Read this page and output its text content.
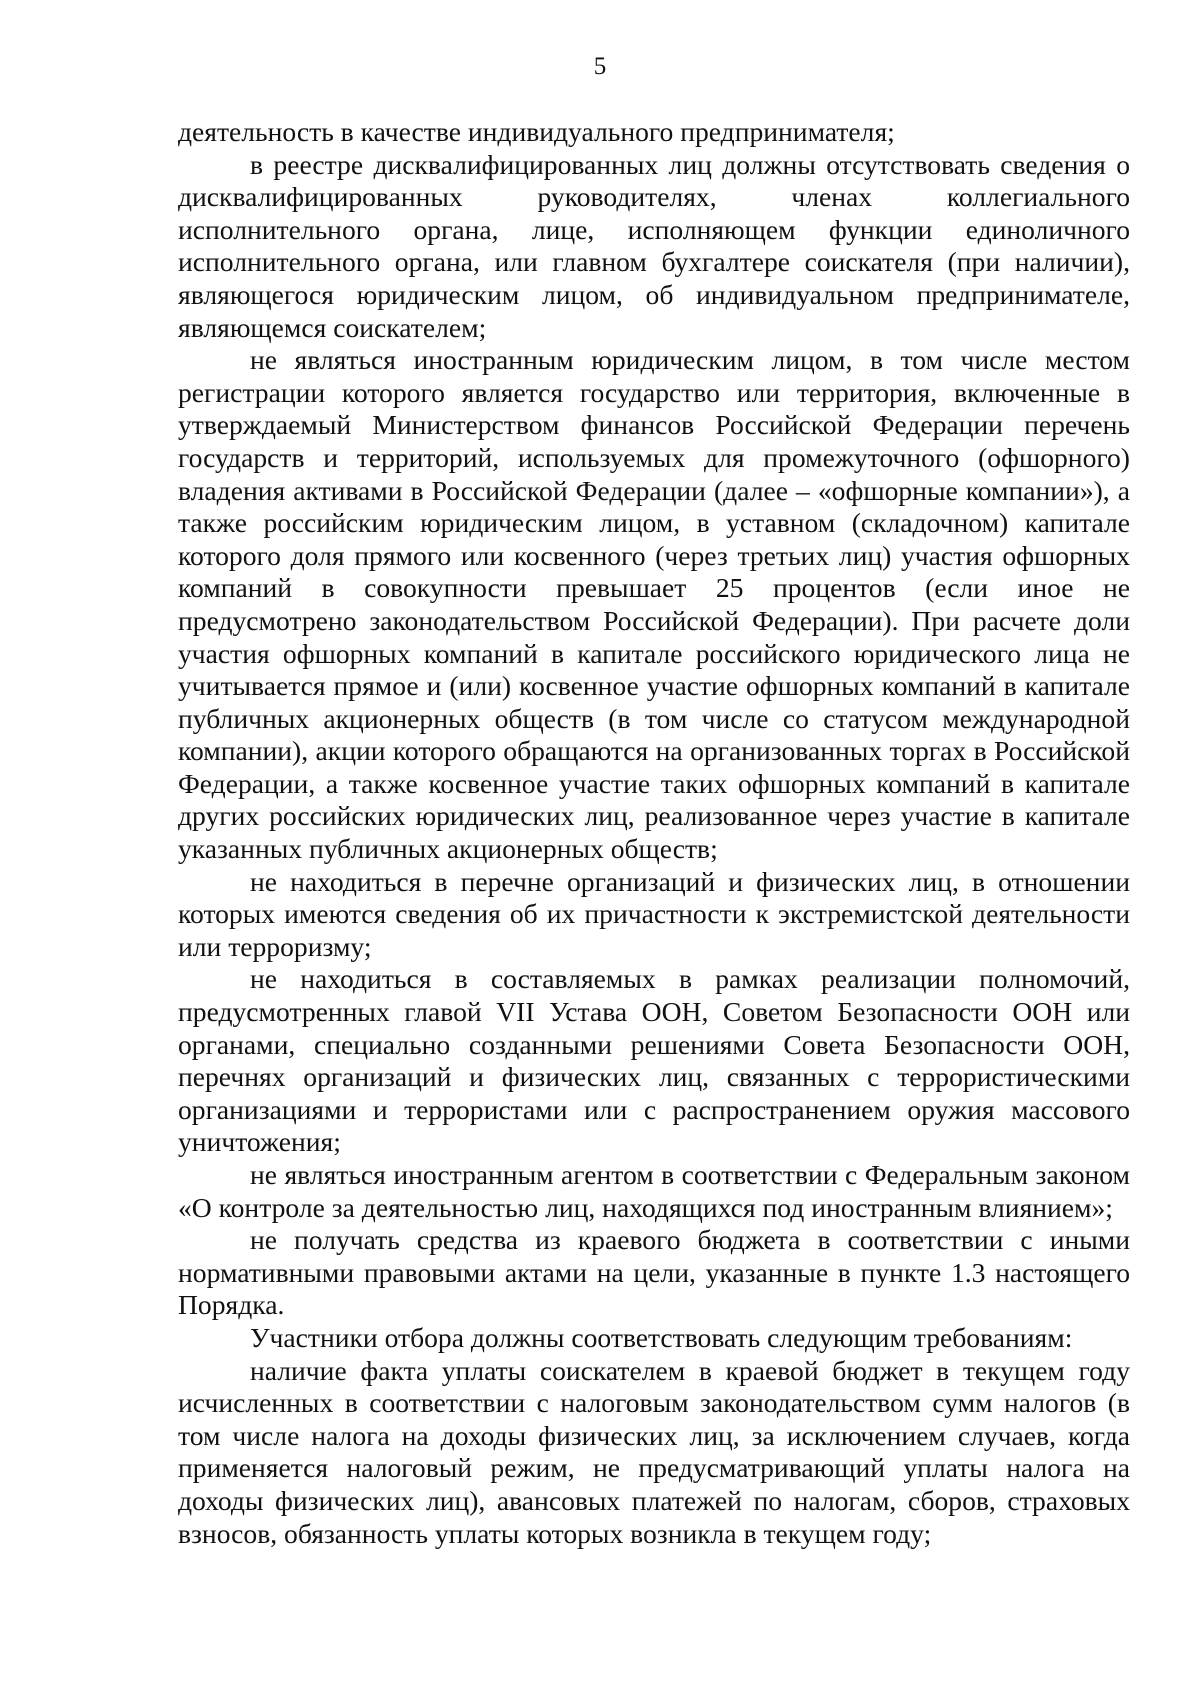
5

деятельность в качестве индивидуального предпринимателя;

в реестре дисквалифицированных лиц должны отсутствовать сведения о дисквалифицированных руководителях, членах коллегиального исполнительного органа, лице, исполняющем функции единоличного исполнительного органа, или главном бухгалтере соискателя (при наличии), являющегося юридическим лицом, об индивидуальном предпринимателе, являющемся соискателем;

не являться иностранным юридическим лицом, в том числе местом регистрации которого является государство или территория, включенные в утверждаемый Министерством финансов Российской Федерации перечень государств и территорий, используемых для промежуточного (офшорного) владения активами в Российской Федерации (далее – «офшорные компании»), а также российским юридическим лицом, в уставном (складочном) капитале которого доля прямого или косвенного (через третьих лиц) участия офшорных компаний в совокупности превышает 25 процентов (если иное не предусмотрено законодательством Российской Федерации). При расчете доли участия офшорных компаний в капитале российского юридического лица не учитывается прямое и (или) косвенное участие офшорных компаний в капитале публичных акционерных обществ (в том числе со статусом международной компании), акции которого обращаются на организованных торгах в Российской Федерации, а также косвенное участие таких офшорных компаний в капитале других российских юридических лиц, реализованное через участие в капитале указанных публичных акционерных обществ;

не находиться в перечне организаций и физических лиц, в отношении которых имеются сведения об их причастности к экстремистской деятельности или терроризму;

не находиться в составляемых в рамках реализации полномочий, предусмотренных главой VII Устава ООН, Советом Безопасности ООН или органами, специально созданными решениями Совета Безопасности ООН, перечнях организаций и физических лиц, связанных с террористическими организациями и террористами или с распространением оружия массового уничтожения;

не являться иностранным агентом в соответствии с Федеральным законом «О контроле за деятельностью лиц, находящихся под иностранным влиянием»;

не получать средства из краевого бюджета в соответствии с иными нормативными правовыми актами на цели, указанные в пункте 1.3 настоящего Порядка.

Участники отбора должны соответствовать следующим требованиям:

наличие факта уплаты соискателем в краевой бюджет в текущем году исчисленных в соответствии с налоговым законодательством сумм налогов (в том числе налога на доходы физических лиц, за исключением случаев, когда применяется налоговый режим, не предусматривающий уплаты налога на доходы физических лиц), авансовых платежей по налогам, сборов, страховых взносов, обязанность уплаты которых возникла в текущем году;
